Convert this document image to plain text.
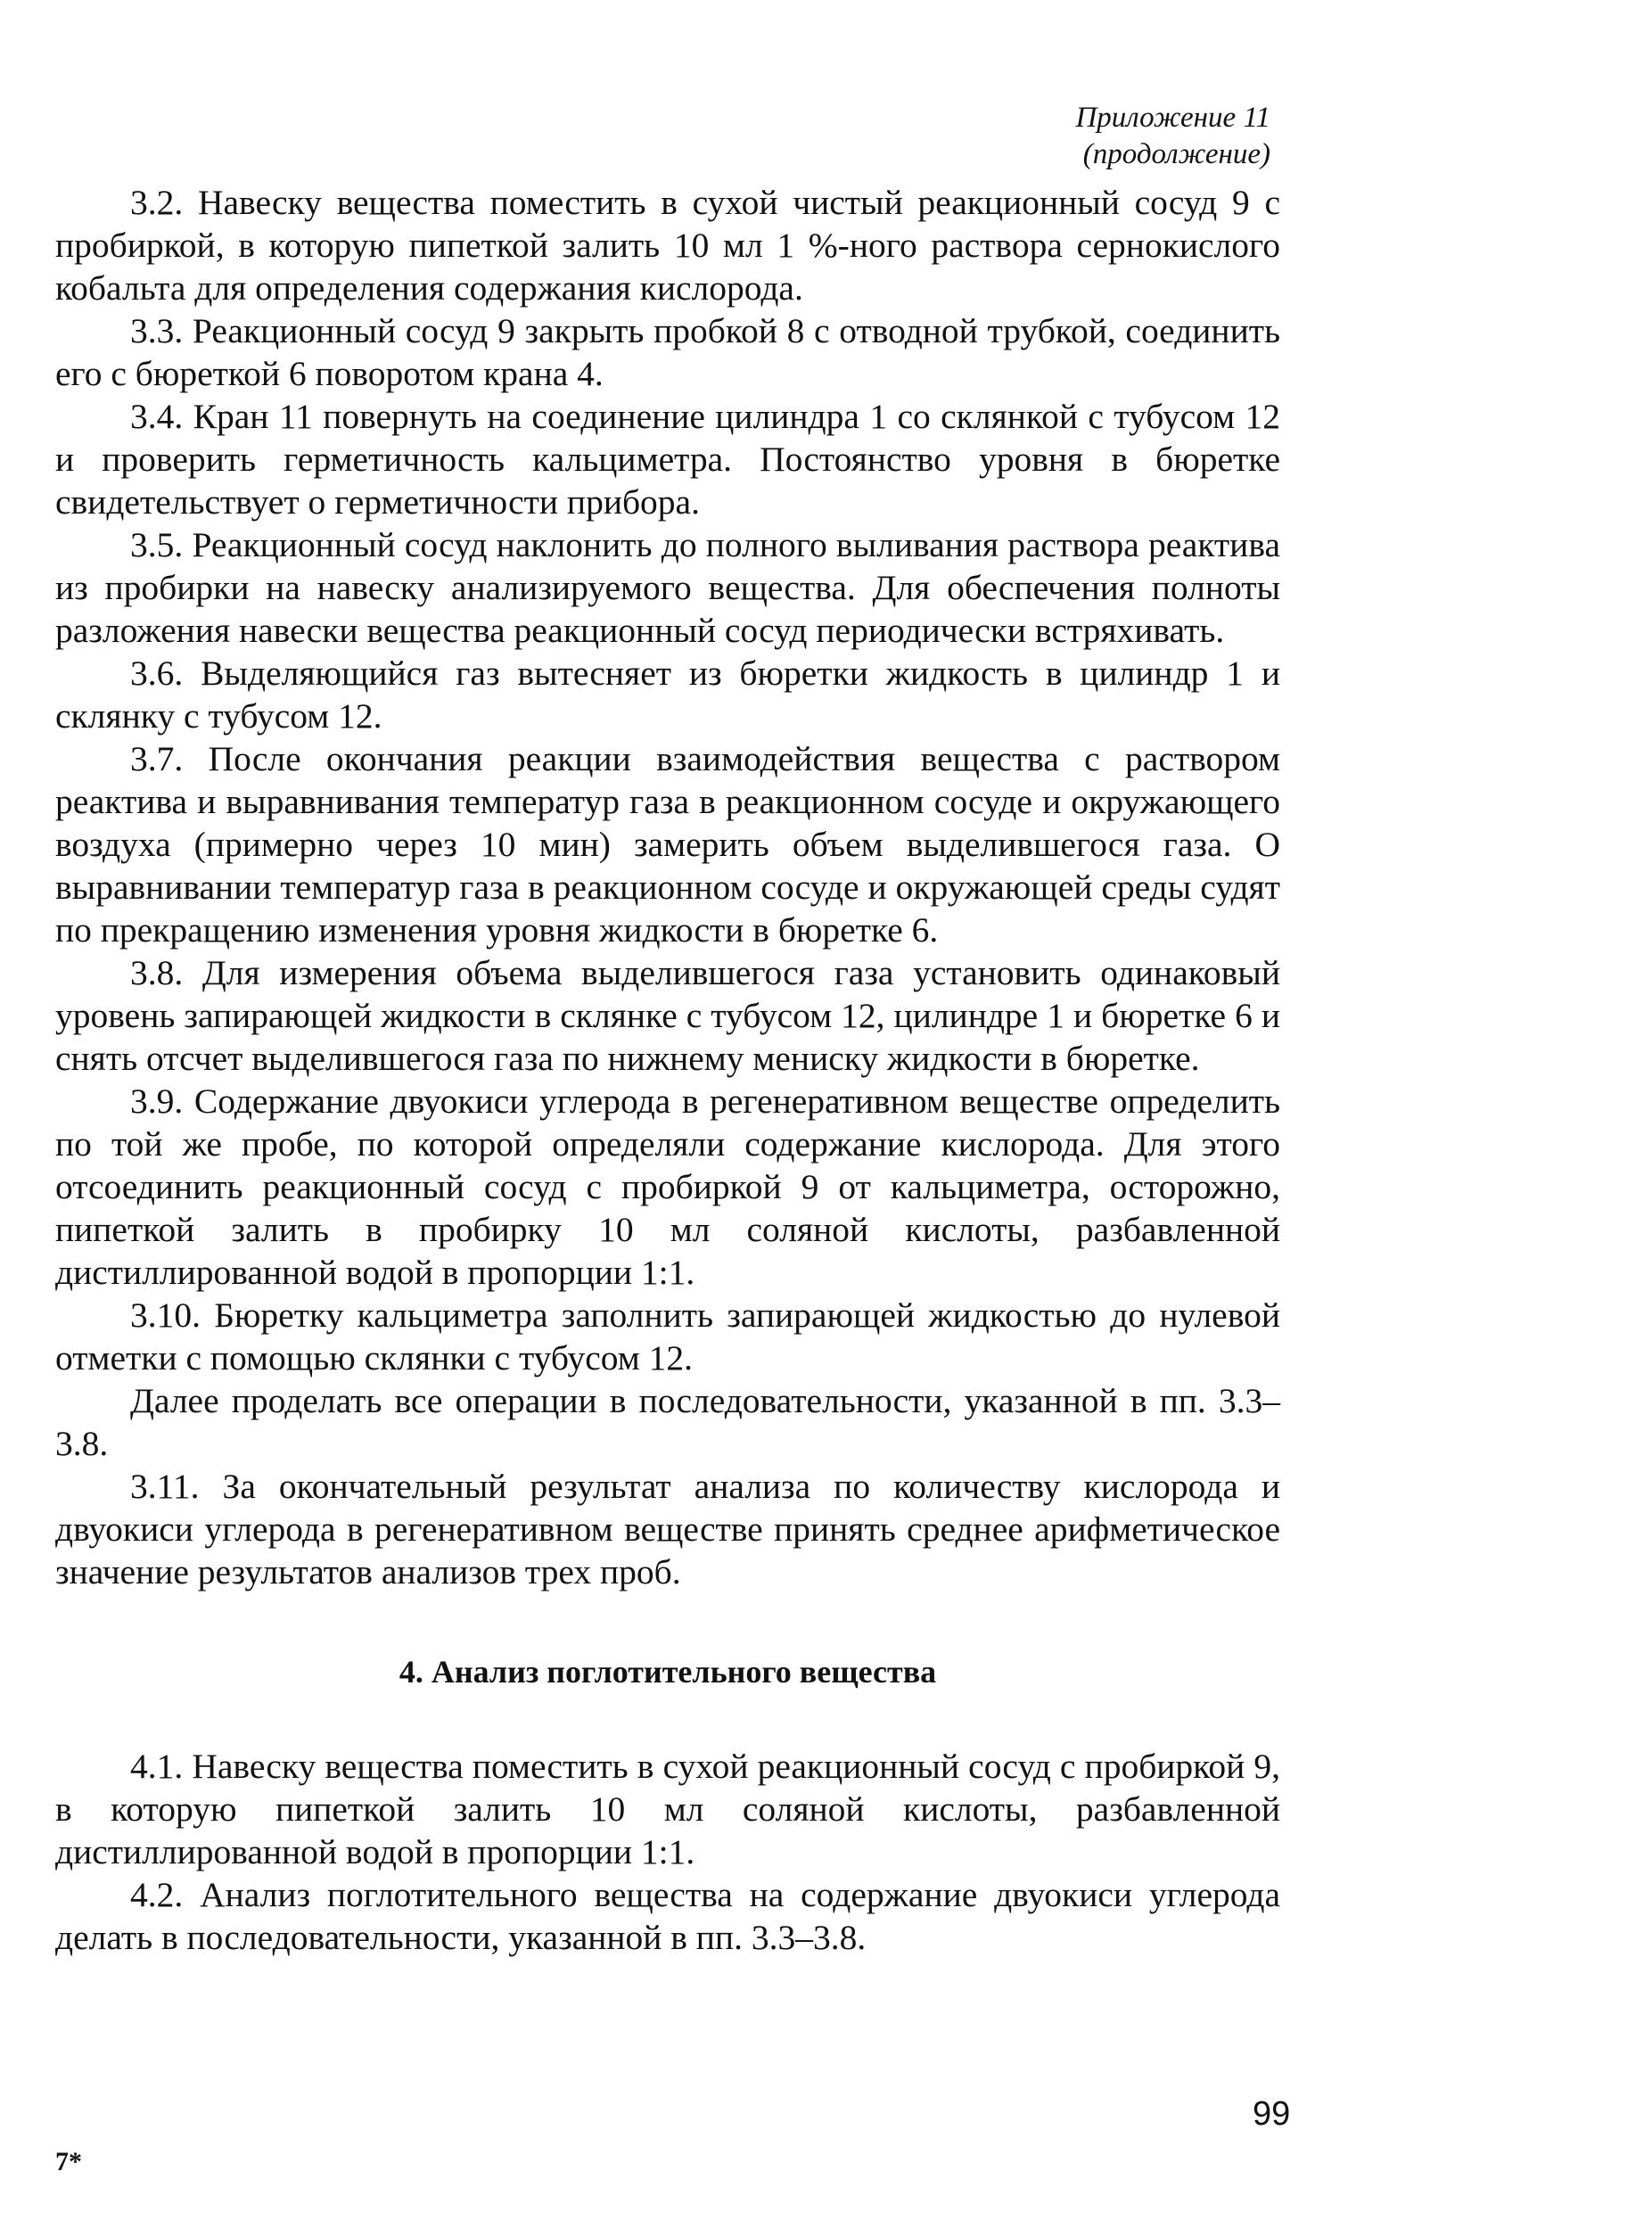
Приложение 11
(продолжение)

3.2. Навеску вещества поместить в сухой чистый реакционный сосуд 9 с пробиркой, в которую пипеткой залить 10 мл 1 %-ного раствора сернокислого кобальта для определения содержания кислорода.

3.3. Реакционный сосуд 9 закрыть пробкой 8 с отводной трубкой, соединить его с бюреткой 6 поворотом крана 4.

3.4. Кран 11 повернуть на соединение цилиндра 1 со склянкой с тубусом 12 и проверить герметичность кальциметра. Постоянство уровня в бюретке свидетельствует о герметичности прибора.

3.5. Реакционный сосуд наклонить до полного выливания раствора реактива из пробирки на навеску анализируемого вещества. Для обеспечения полноты разложения навески вещества реакционный сосуд периодически встряхивать.

3.6. Выделяющийся газ вытесняет из бюретки жидкость в цилиндр 1 и склянку с тубусом 12.

3.7. После окончания реакции взаимодействия вещества с раствором реактива и выравнивания температур газа в реакционном сосуде и окружающего воздуха (примерно через 10 мин) замерить объем выделившегося газа. О выравнивании температур газа в реакционном сосуде и окружающей среды судят по прекращению изменения уровня жидкости в бюретке 6.

3.8. Для измерения объема выделившегося газа установить одинаковый уровень запирающей жидкости в склянке с тубусом 12, цилиндре 1 и бюретке 6 и снять отсчет выделившегося газа по нижнему мениску жидкости в бюретке.

3.9. Содержание двуокиси углерода в регенеративном веществе определить по той же пробе, по которой определяли содержание кислорода. Для этого отсоединить реакционный сосуд с пробиркой 9 от кальциметра, осторожно, пипеткой залить в пробирку 10 мл соляной кислоты, разбавленной дистиллированной водой в пропорции 1:1.

3.10. Бюретку кальциметра заполнить запирающей жидкостью до нулевой отметки с помощью склянки с тубусом 12.

Далее проделать все операции в последовательности, указанной в пп. 3.3–3.8.

3.11. За окончательный результат анализа по количеству кислорода и двуокиси углерода в регенеративном веществе принять среднее арифметическое значение результатов анализов трех проб.

4. Анализ поглотительного вещества

4.1. Навеску вещества поместить в сухой реакционный сосуд с пробиркой 9, в которую пипеткой залить 10 мл соляной кислоты, разбавленной дистиллированной водой в пропорции 1:1.

4.2. Анализ поглотительного вещества на содержание двуокиси углерода делать в последовательности, указанной в пп. 3.3–3.8.

99
7*
